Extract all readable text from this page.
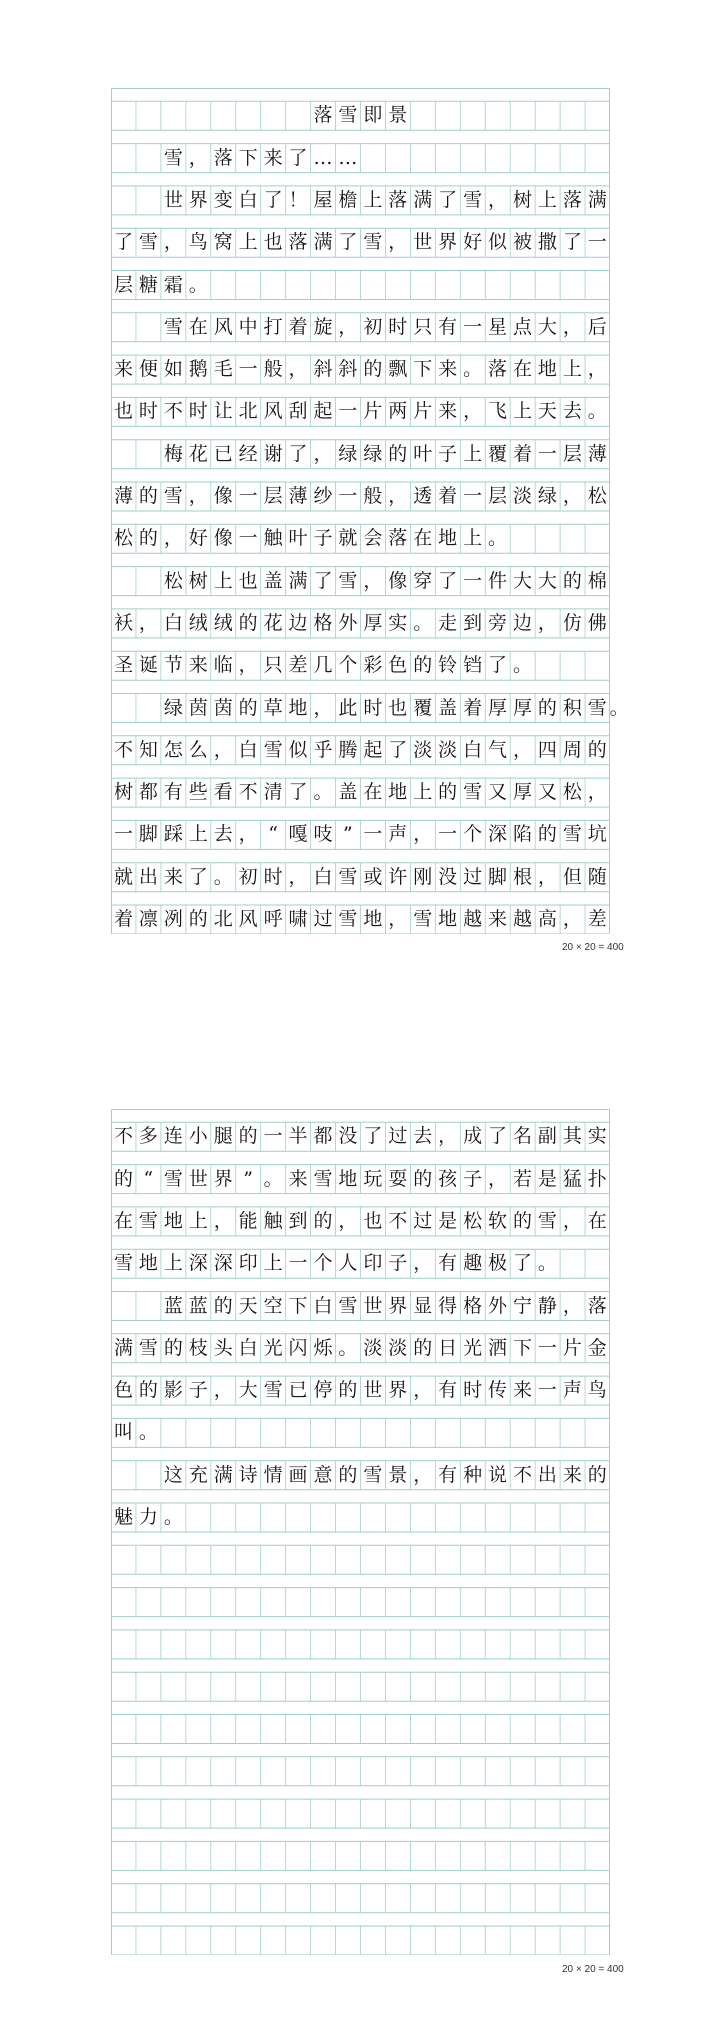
落 雪 即 景
雪 ， 落 下 来 了 … …
世 界 变 白 了 ！ 屋 檐 上 落 满 了 雪 ， 树 上 落 满
了 雪 ， 鸟 窝 上 也 落 满 了 雪 ， 世 界 好 似 被 撒 了 一
层 糖 霜 。
雪 在 风 中 打 着 旋 ， 初 时 只 有 一 星 点 大 ， 后
来 便 如 鹅 毛 一 般 ， 斜 斜 的 飘 下 来 。 落 在 地 上 ，
也 时 不 时 让 北 风 刮 起 一 片 两 片 来 ， 飞 上 天 去 。
梅 花 已 经 谢 了 ， 绿 绿 的 叶 子 上 覆 着 一 层 薄
薄 的 雪 ， 像 一 层 薄 纱 一 般 ， 透 着 一 层 淡 绿 ， 松
松 的 ， 好 像 一 触 叶 子 就 会 落 在 地 上 。
松 树 上 也 盖 满 了 雪 ， 像 穿 了 一 件 大 大 的 棉
袄 ， 白 绒 绒 的 花 边 格 外 厚 实 。 走 到 旁 边 ， 仿 佛
圣 诞 节 来 临 ， 只 差 几 个 彩 色 的 铃 铛 了 。
绿 茵 茵 的 草 地 ， 此 时 也 覆 盖 着 厚 厚 的 积 雪 。
不 知 怎 么 ， 白 雪 似 乎 腾 起 了 淡 淡 白 气 ， 四 周 的
树 都 有 些 看 不 清 了 。 盖 在 地 上 的 雪 又 厚 又 松 ，
一 脚 踩 上 去 ， “ 嘎 吱 ” 一 声 ， 一 个 深 陷 的 雪 坑
就 出 来 了 。 初 时 ， 白 雪 或 许 刚 没 过 脚 根 ， 但 随
着 凛 冽 的 北 风 呼 啸 过 雪 地 ， 雪 地 越 来 越 高 ， 差
20 × 20 = 400
不 多 连 小 腿 的 一 半 都 没 了 过 去 ， 成 了 名 副 其 实
的 “ 雪 世 界 ” 。 来 雪 地 玩 耍 的 孩 子 ， 若 是 猛 扑
在 雪 地 上 ， 能 触 到 的 ， 也 不 过 是 松 软 的 雪 ， 在
雪 地 上 深 深 印 上 一 个 人 印 子 ， 有 趣 极 了 。
蓝 蓝 的 天 空 下 白 雪 世 界 显 得 格 外 宁 静 ， 落
满 雪 的 枝 头 白 光 闪 烁 。 淡 淡 的 日 光 洒 下 一 片 金
色 的 影 子 ， 大 雪 已 停 的 世 界 ， 有 时 传 来 一 声 鸟
叫 。
这 充 满 诗 情 画 意 的 雪 景 ， 有 种 说 不 出 来 的
魅 力 。
20 × 20 = 400
